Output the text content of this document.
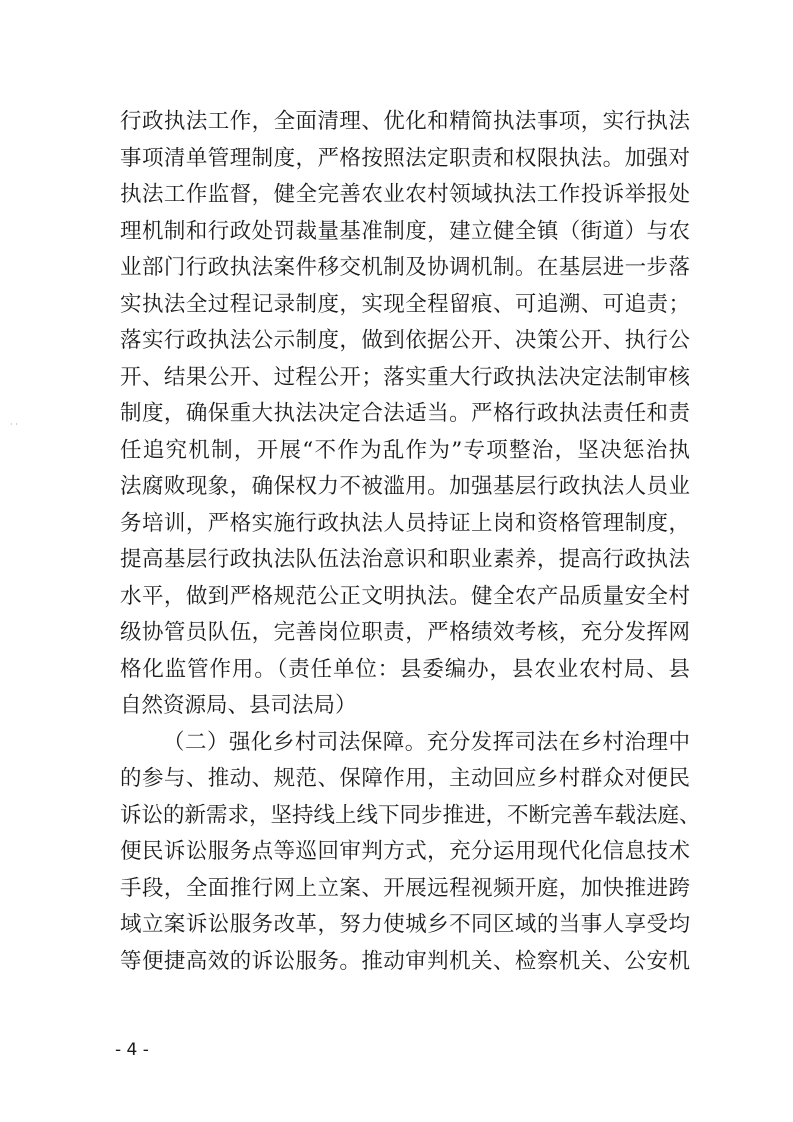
· ·
行政执法工作，全面清理、优化和精简执法事项，实行执法
事项清单管理制度，严格按照法定职责和权限执法。加强对
执法工作监督，健全完善农业农村领域执法工作投诉举报处
理机制和行政处罚裁量基准制度，建立健全镇（街道）与农
业部门行政执法案件移交机制及协调机制。在基层进一步落
实执法全过程记录制度，实现全程留痕、可追溯、可追责；
落实行政执法公示制度，做到依据公开、决策公开、执行公
开、结果公开、过程公开；落实重大行政执法决定法制审核
制度，确保重大执法决定合法适当。严格行政执法责任和责
任追究机制，开展“不作为乱作为”专项整治，坚决惩治执
法腐败现象，确保权力不被滥用。加强基层行政执法人员业
务培训，严格实施行政执法人员持证上岗和资格管理制度，
提高基层行政执法队伍法治意识和职业素养，提高行政执法
水平，做到严格规范公正文明执法。健全农产品质量安全村
级协管员队伍，完善岗位职责，严格绩效考核，充分发挥网
格化监管作用。（责任单位：县委编办，县农业农村局、县
自然资源局、县司法局）
（二）强化乡村司法保障。充分发挥司法在乡村治理中
的参与、推动、规范、保障作用，主动回应乡村群众对便民
诉讼的新需求，坚持线上线下同步推进，不断完善车载法庭、
便民诉讼服务点等巡回审判方式，充分运用现代化信息技术
手段，全面推行网上立案、开展远程视频开庭，加快推进跨
域立案诉讼服务改革，努力使城乡不同区域的当事人享受均
等便捷高效的诉讼服务。推动审判机关、检察机关、公安机
- 4 -
